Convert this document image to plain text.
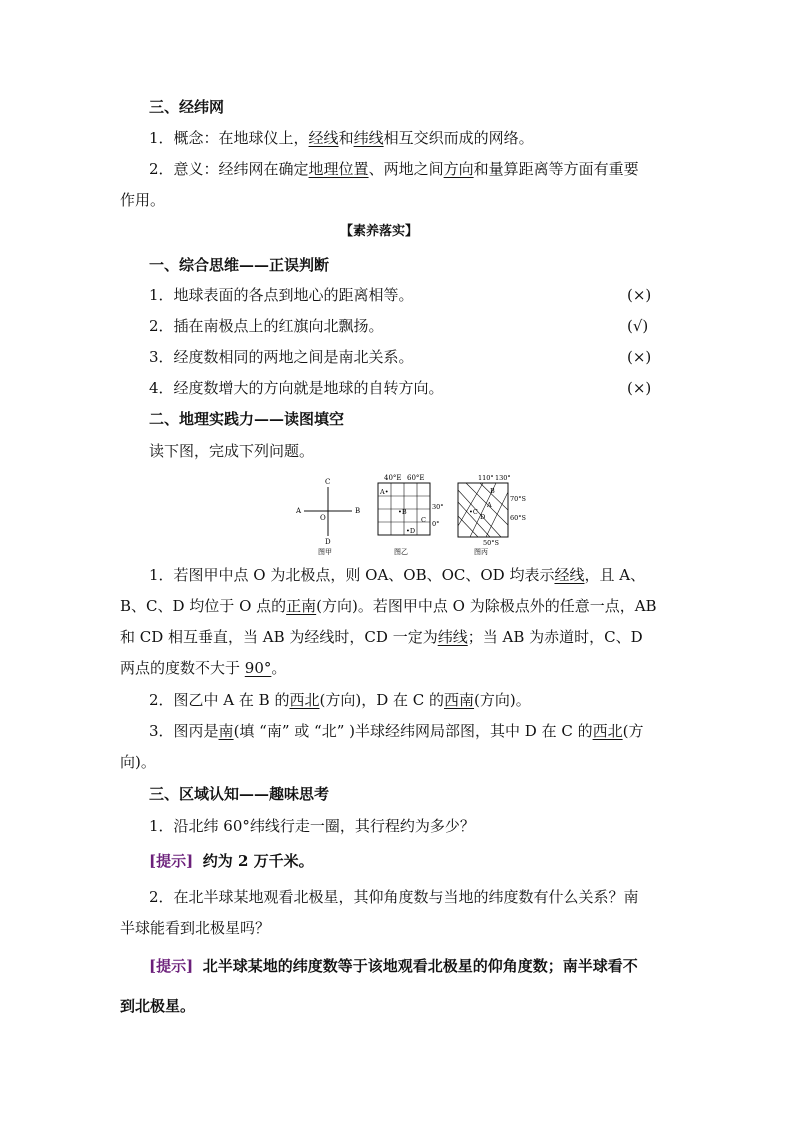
三、经纬网
1．概念：在地球仪上，经线和纬线相互交织而成的网络。
2．意义：经纬网在确定地理位置、两地之间方向和量算距离等方面有重要
作用。
【素养落实】
一、综合思维——正误判断
1．地球表面的各点到地心的距离相等。	(×)
2．插在南极点上的红旗向北飘扬。	(√)
3．经度数相同的两地之间是南北关系。	(×)
4．经度数增大的方向就是地球的自转方向。	(×)
二、地理实践力——读图填空
读下图，完成下列问题。
C
D
A	B
O
图甲
40°E 60°E
30°
0°
A•
•B
C
•D
图乙
110° 130°
70°S
60°S
50°S
B
A
•C
D
图丙
1．若图甲中点 O 为北极点，则 OA、OB、OC、OD 均表示经线，且 A、
B、C、D 均位于 O 点的正南(方向)。若图甲中点 O 为除极点外的任意一点，AB
和 CD 相互垂直，当 AB 为经线时，CD 一定为纬线；当 AB 为赤道时，C、D
两点的度数不大于 90°。
2．图乙中 A 在 B 的西北(方向)，D 在 C 的西南(方向)。
3．图丙是南(填 “南” 或 “北” )半球经纬网局部图，其中 D 在 C 的西北(方
向)。
三、区域认知——趣味思考
1．沿北纬 60°纬线行走一圈，其行程约为多少？
[提示] 约为 2 万千米。
2．在北半球某地观看北极星，其仰角度数与当地的纬度数有什么关系？南
半球能看到北极星吗？
[提示] 北半球某地的纬度数等于该地观看北极星的仰角度数；南半球看不
到北极星。
